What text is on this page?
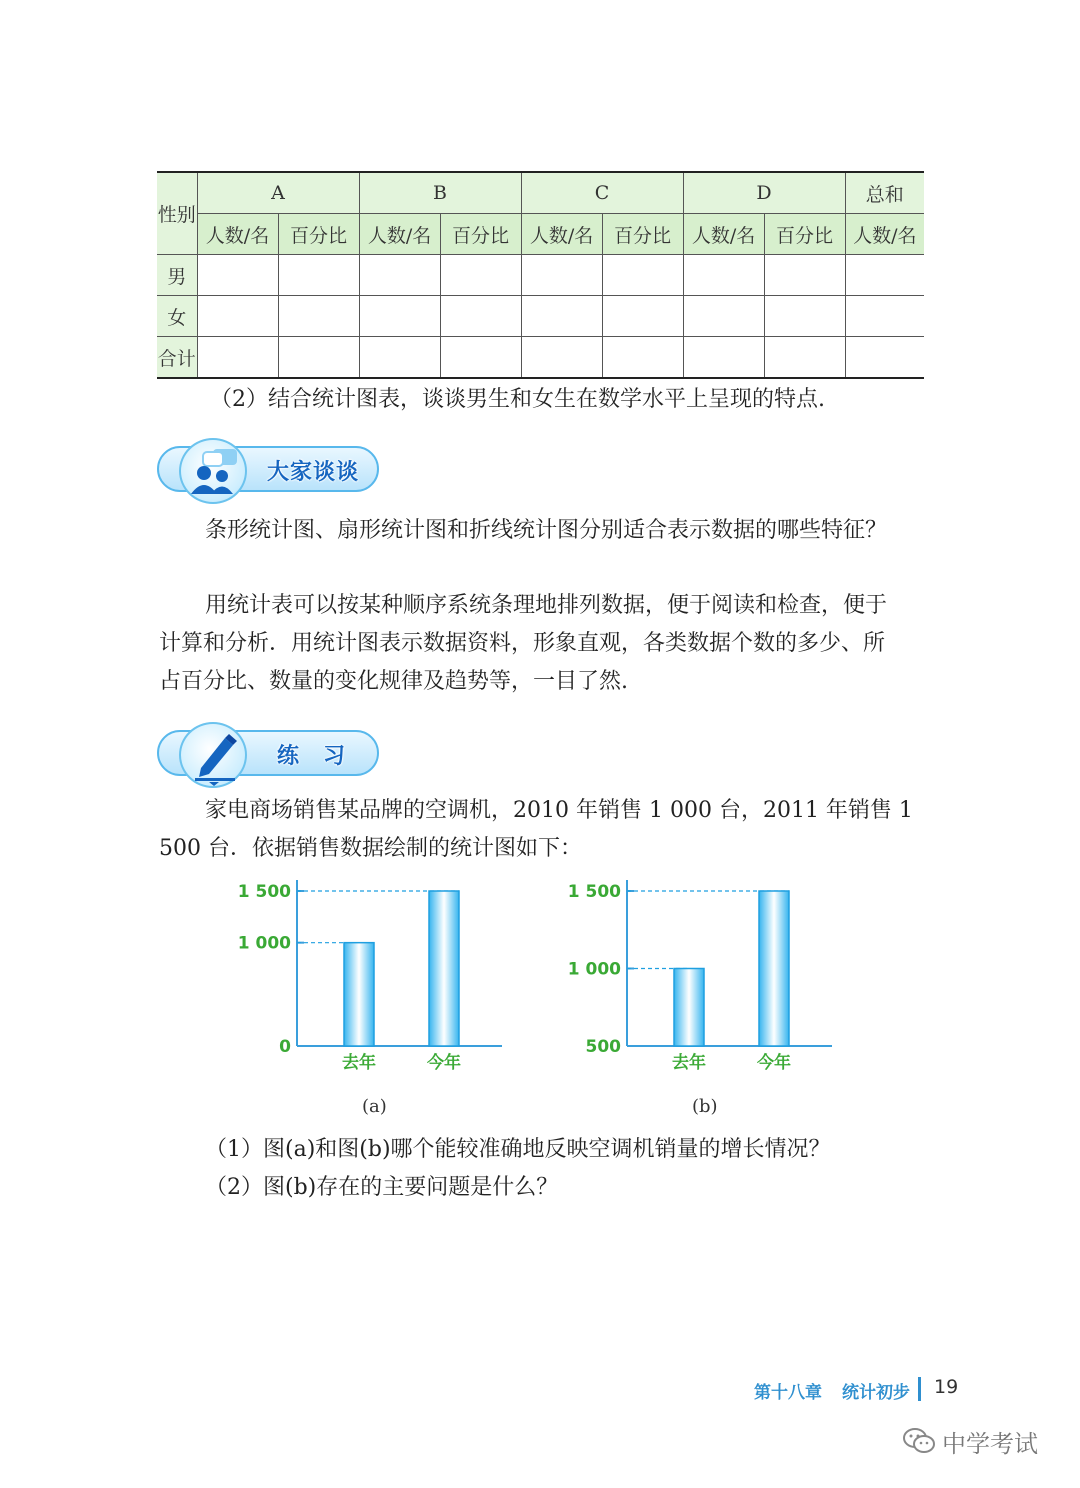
性别	A		B		C		D		总和
	人数/名	百分比	人数/名	百分比	人数/名	百分比	人数/名	百分比	人数/名
男									
女									
合计									
（2）结合统计图表，谈谈男生和女生在数学水平上呈现的特点.
大家谈谈
条形统计图、扇形统计图和折线统计图分别适合表示数据的哪些特征？
用统计表可以按某种顺序系统条理地排列数据，便于阅读和检查，便于
计算和分析．用统计图表示数据资料，形象直观，各类数据个数的多少、所
占百分比、数量的变化规律及趋势等，一目了然.
练　习
家电商场销售某品牌的空调机，2010 年销售 1 000 台，2011 年销售 1
500 台．依据销售数据绘制的统计图如下：
0
1 000
1 500
去年	今年
500
1 000
1 500
去年	今年
(a)	(b)
（1）图(a)和图(b)哪个能较准确地反映空调机销量的增长情况？
（2）图(b)存在的主要问题是什么？
第十八章 统计初步 19
中学考试
